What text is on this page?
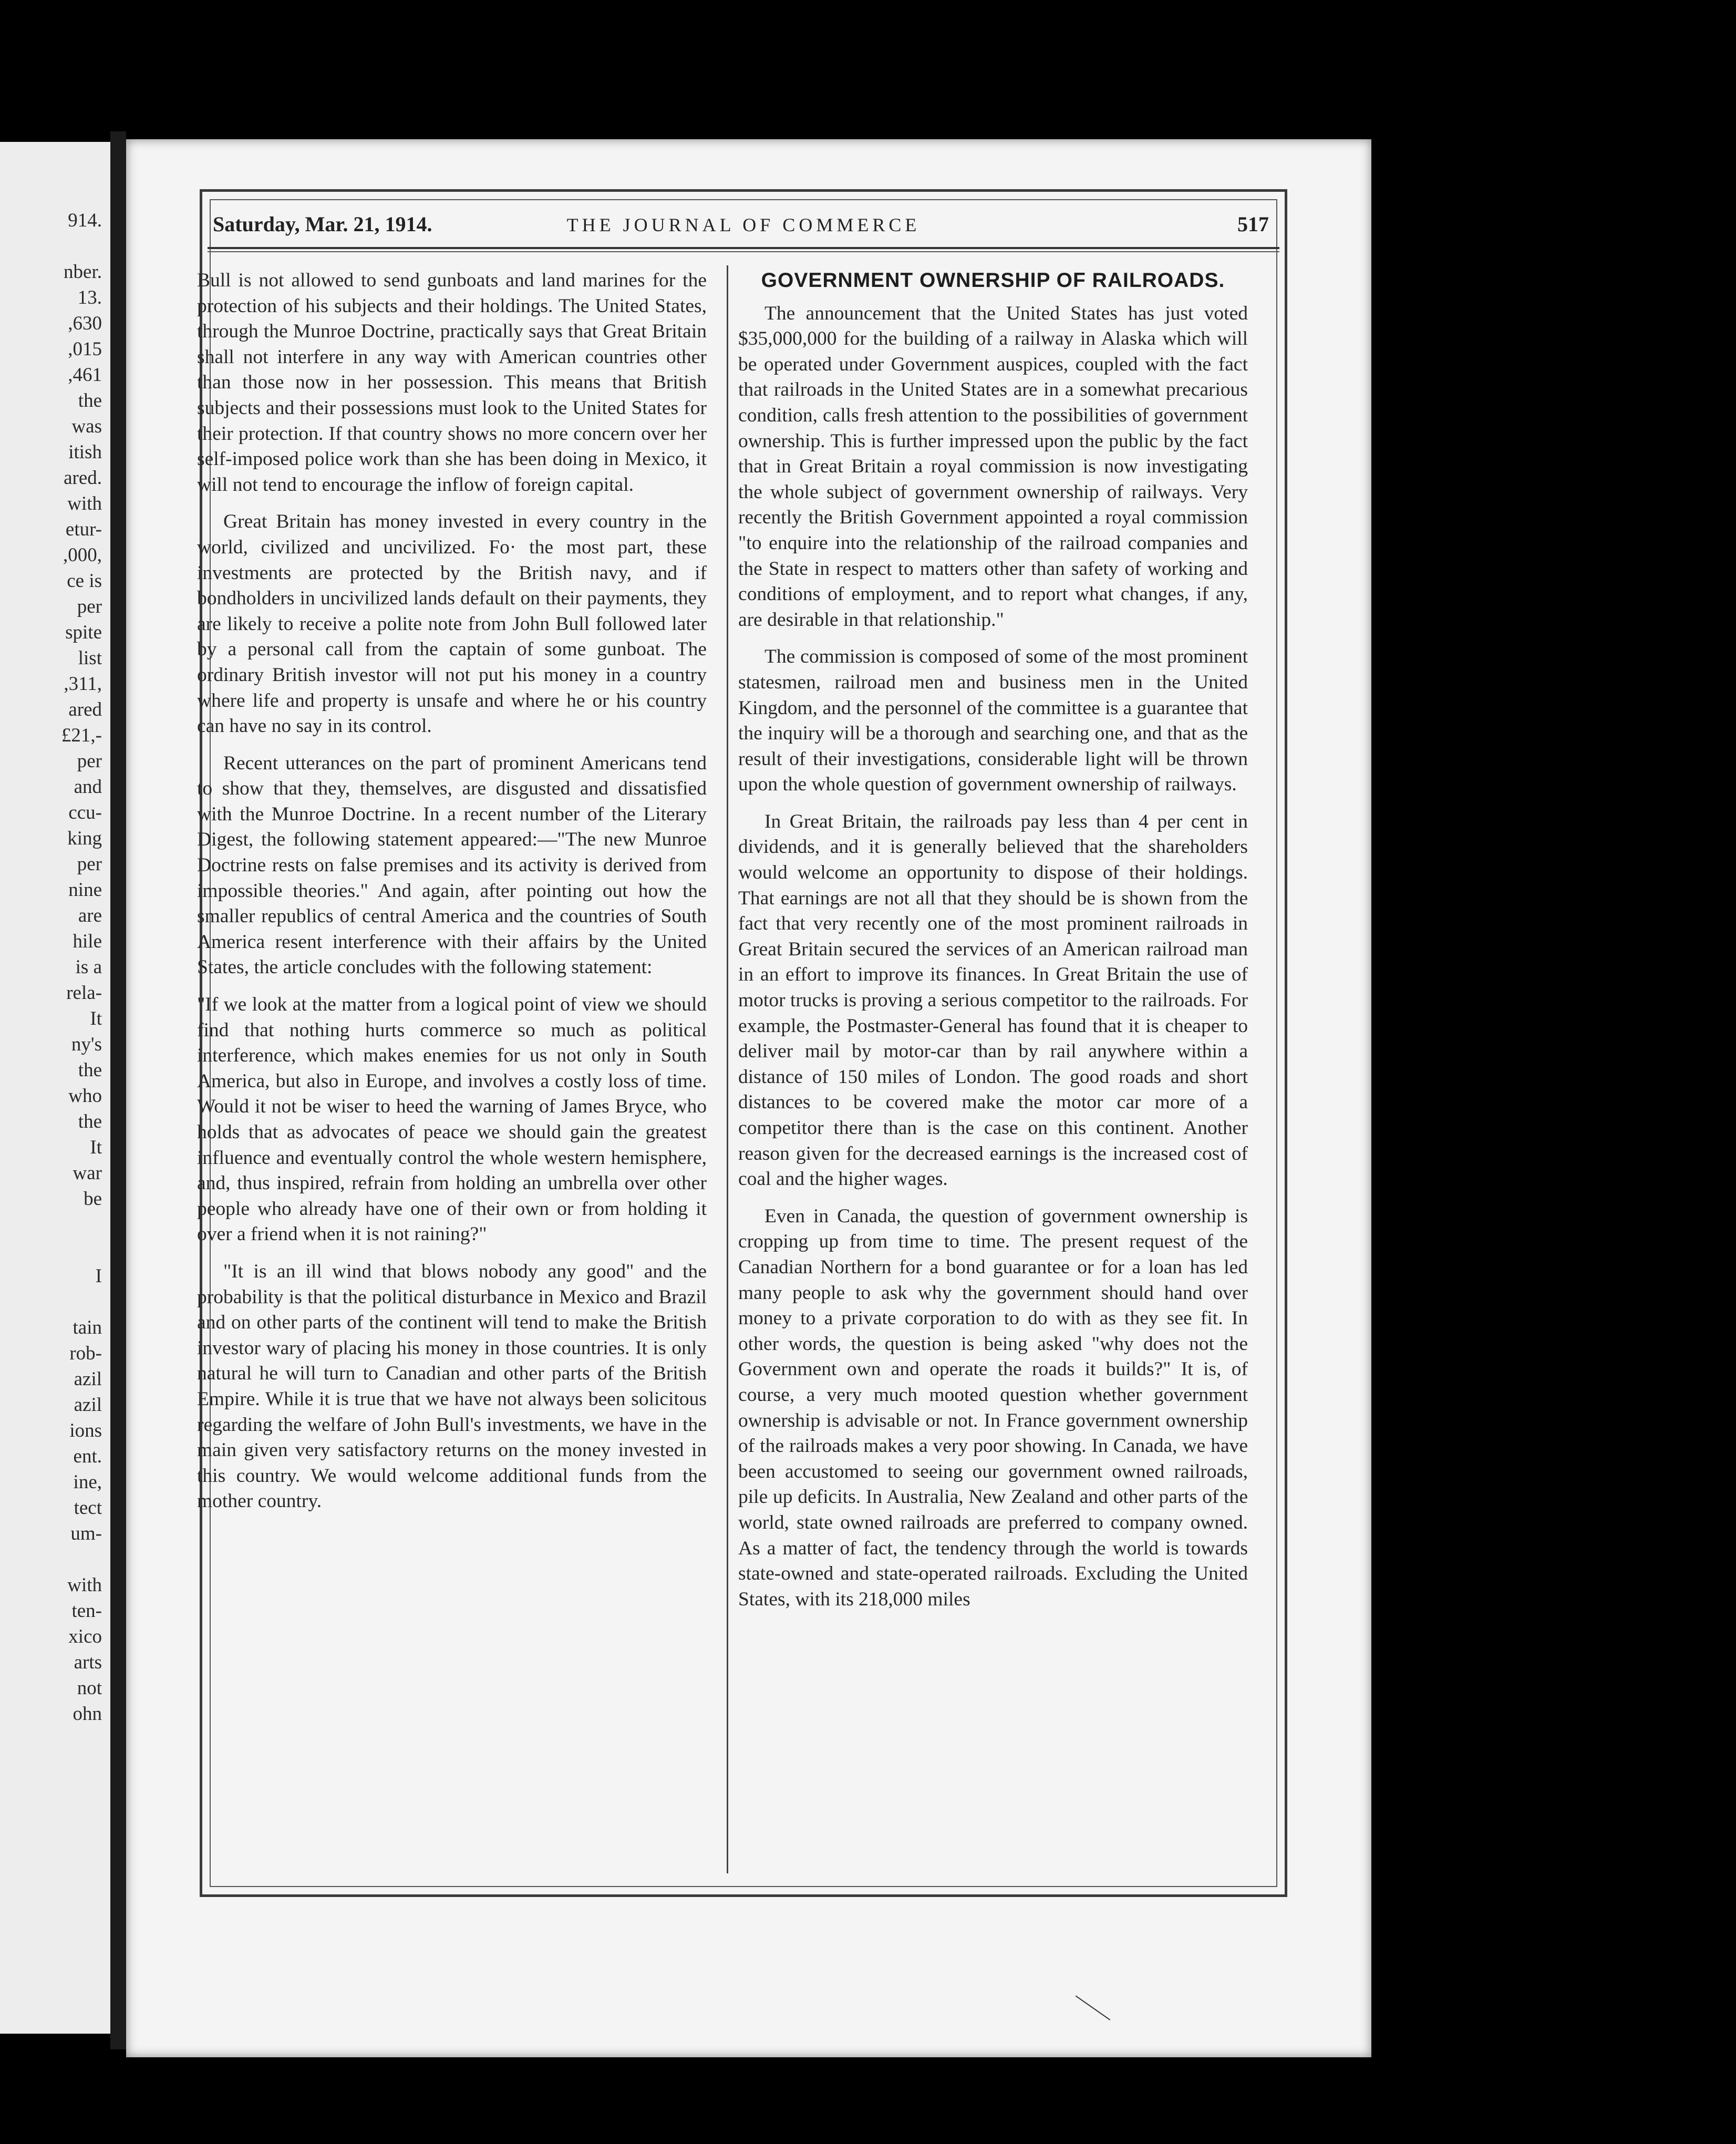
914.
nber.
13.
,630
,015
,461
the
was
itish
ared.
with
etur-
,000,
ce is
per
spite
list
,311,
ared
£21,-
per
and
ccu-
king
per
nine
are
hile
is a
rela-
It
ny's
the
who
the
It
war
be
I
tain
rob-
azil
azil
ions
ent.
ine,
tect
um-
with
ten-
xico
arts
not
ohn
Saturday, Mar. 21, 1914.	THE JOURNAL OF COMMERCE	517

Bull is not allowed to send gunboats and land marines for the protection of his subjects and their holdings. The United States, through the Munroe Doctrine, practically says that Great Britain shall not interfere in any way with American countries other than those now in her possession. This means that British subjects and their possessions must look to the United States for their protection. If that country shows no more concern over her self-imposed police work than she has been doing in Mexico, it will not tend to encourage the inflow of foreign capital.

Great Britain has money invested in every country in the world, civilized and uncivilized. Fo· the most part, these investments are protected by the British navy, and if bondholders in uncivilized lands default on their payments, they are likely to receive a polite note from John Bull followed later by a personal call from the captain of some gunboat. The ordinary British investor will not put his money in a country where life and property is unsafe and where he or his country can have no say in its control.

Recent utterances on the part of prominent Americans tend to show that they, themselves, are disgusted and dissatisfied with the Munroe Doctrine. In a recent number of the Literary Digest, the following statement appeared:—"The new Munroe Doctrine rests on false premises and its activity is derived from impossible theories." And again, after pointing out how the smaller republics of central America and the countries of South America resent interference with their affairs by the United States, the article concludes with the following statement:

"If we look at the matter from a logical point of view we should find that nothing hurts commerce so much as political interference, which makes enemies for us not only in South America, but also in Europe, and involves a costly loss of time. Would it not be wiser to heed the warning of James Bryce, who holds that as advocates of peace we should gain the greatest influence and eventually control the whole western hemisphere, and, thus inspired, refrain from holding an umbrella over other people who already have one of their own or from holding it over a friend when it is not raining?"

"It is an ill wind that blows nobody any good" and the probability is that the political disturbance in Mexico and Brazil and on other parts of the continent will tend to make the British investor wary of placing his money in those countries. It is only natural he will turn to Canadian and other parts of the British Empire. While it is true that we have not always been solicitous regarding the welfare of John Bull's investments, we have in the main given very satisfactory returns on the money invested in this country. We would welcome additional funds from the mother country.

GOVERNMENT OWNERSHIP OF RAILROADS.

The announcement that the United States has just voted $35,000,000 for the building of a railway in Alaska which will be operated under Government auspices, coupled with the fact that railroads in the United States are in a somewhat precarious condition, calls fresh attention to the possibilities of government ownership. This is further impressed upon the public by the fact that in Great Britain a royal commission is now investigating the whole subject of government ownership of railways. Very recently the British Government appointed a royal commission "to enquire into the relationship of the railroad companies and the State in respect to matters other than safety of working and conditions of employment, and to report what changes, if any, are desirable in that relationship."

The commission is composed of some of the most prominent statesmen, railroad men and business men in the United Kingdom, and the personnel of the committee is a guarantee that the inquiry will be a thorough and searching one, and that as the result of their investigations, considerable light will be thrown upon the whole question of government ownership of railways.

In Great Britain, the railroads pay less than 4 per cent in dividends, and it is generally believed that the shareholders would welcome an opportunity to dispose of their holdings. That earnings are not all that they should be is shown from the fact that very recently one of the most prominent railroads in Great Britain secured the services of an American railroad man in an effort to improve its finances. In Great Britain the use of motor trucks is proving a serious competitor to the railroads. For example, the Postmaster-General has found that it is cheaper to deliver mail by motor-car than by rail anywhere within a distance of 150 miles of London. The good roads and short distances to be covered make the motor car more of a competitor there than is the case on this continent. Another reason given for the decreased earnings is the increased cost of coal and the higher wages.

Even in Canada, the question of government ownership is cropping up from time to time. The present request of the Canadian Northern for a bond guarantee or for a loan has led many people to ask why the government should hand over money to a private corporation to do with as they see fit. In other words, the question is being asked "why does not the Government own and operate the roads it builds?" It is, of course, a very much mooted question whether government ownership is advisable or not. In France government ownership of the railroads makes a very poor showing. In Canada, we have been accustomed to seeing our government owned railroads, pile up deficits. In Australia, New Zealand and other parts of the world, state owned railroads are preferred to company owned. As a matter of fact, the tendency through the world is towards state-owned and state-operated railroads. Excluding the United States, with its 218,000 miles
